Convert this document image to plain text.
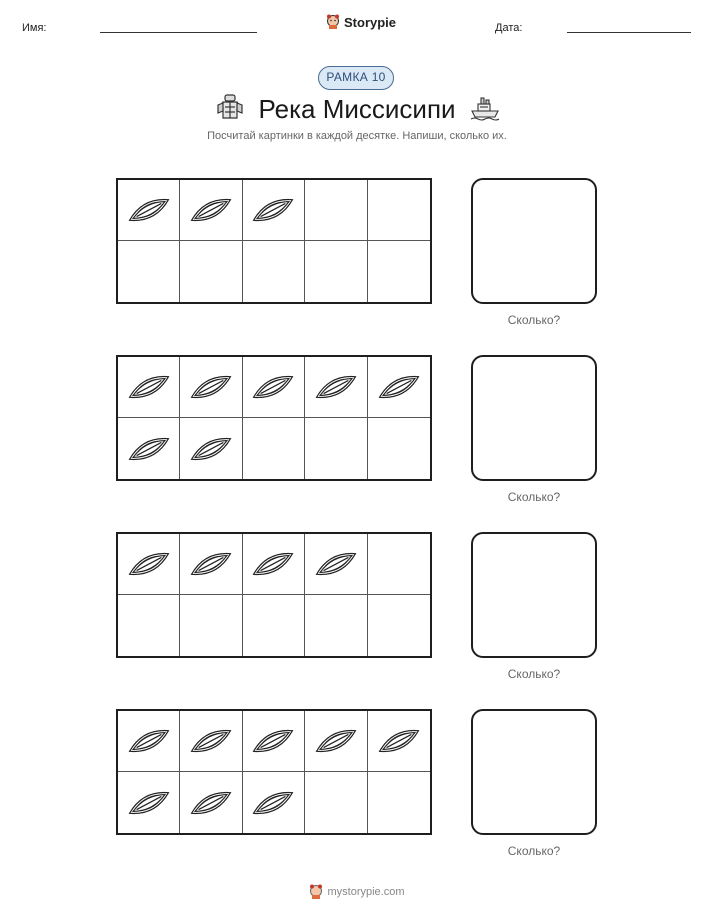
Имя:	Storypie	Дата:
РАМКА 10
Река Миссисипи
Посчитай картинки в каждой десятке. Напиши, сколько их.
Сколько?
Сколько?
Сколько?
Сколько?
mystorypie.com
